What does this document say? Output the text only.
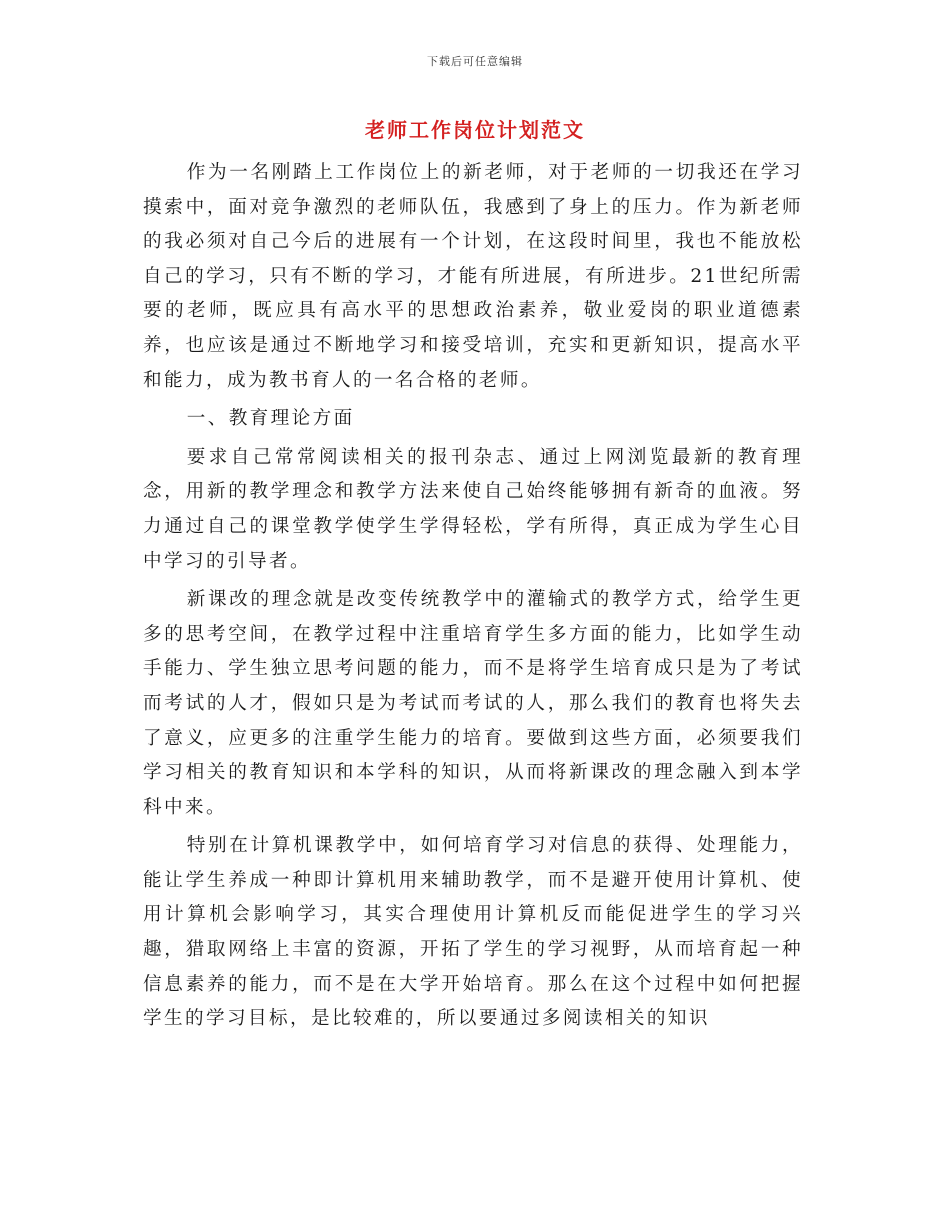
下载后可任意编辑
老师工作岗位计划范文

作为一名刚踏上工作岗位上的新老师，对于老师的一切我还在学习摸索中，面对竞争激烈的老师队伍，我感到了身上的压力。作为新老师的我必须对自己今后的进展有一个计划，在这段时间里，我也不能放松自己的学习，只有不断的学习，才能有所进展，有所进步。21世纪所需要的老师，既应具有高水平的思想政治素养，敬业爱岗的职业道德素养，也应该是通过不断地学习和接受培训，充实和更新知识，提高水平和能力，成为教书育人的一名合格的老师。

一、教育理论方面

要求自己常常阅读相关的报刊杂志、通过上网浏览最新的教育理念，用新的教学理念和教学方法来使自己始终能够拥有新奇的血液。努力通过自己的课堂教学使学生学得轻松，学有所得，真正成为学生心目中学习的引导者。

新课改的理念就是改变传统教学中的灌输式的教学方式，给学生更多的思考空间，在教学过程中注重培育学生多方面的能力，比如学生动手能力、学生独立思考问题的能力，而不是将学生培育成只是为了考试而考试的人才，假如只是为考试而考试的人，那么我们的教育也将失去了意义，应更多的注重学生能力的培育。要做到这些方面，必须要我们学习相关的教育知识和本学科的知识，从而将新课改的理念融入到本学科中来。

特别在计算机课教学中，如何培育学习对信息的获得、处理能力，能让学生养成一种即计算机用来辅助教学，而不是避开使用计算机、使用计算机会影响学习，其实合理使用计算机反而能促进学生的学习兴趣，猎取网络上丰富的资源，开拓了学生的学习视野，从而培育起一种信息素养的能力，而不是在大学开始培育。那么在这个过程中如何把握学生的学习目标，是比较难的，所以要通过多阅读相关的知识
